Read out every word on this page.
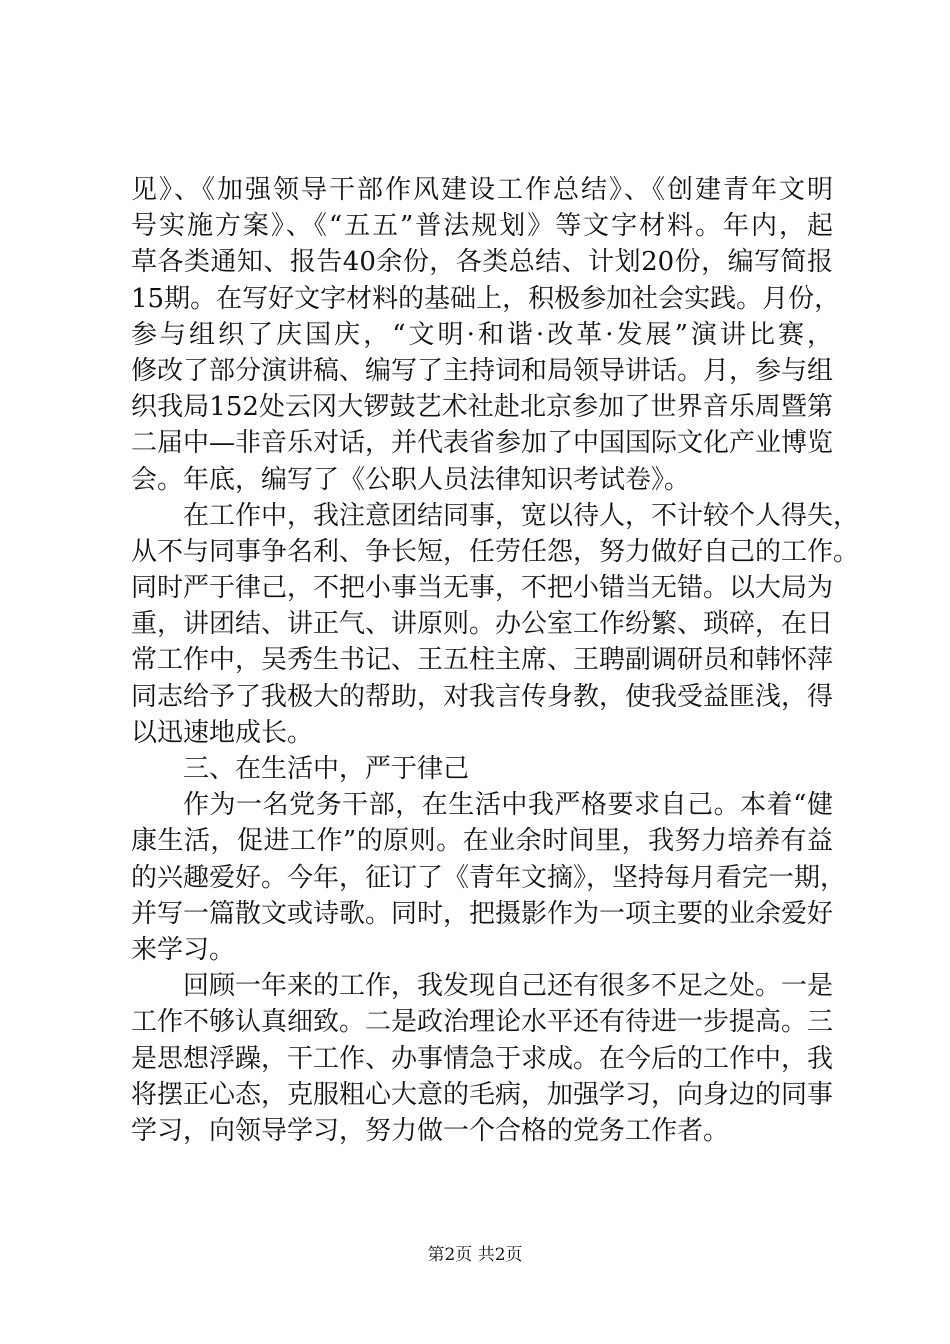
见》、《加强领导干部作风建设工作总结》、《创建青年文明
号实施方案》、《“五五”普法规划》等文字材料。年内，起
草各类通知、报告40余份，各类总结、计划20份，编写简报
15期。在写好文字材料的基础上，积极参加社会实践。月份，
参与组织了庆国庆，“文明·和谐·改革·发展”演讲比赛，
修改了部分演讲稿、编写了主持词和局领导讲话。月，参与组
织我局152处云冈大锣鼓艺术社赴北京参加了世界音乐周暨第
二届中—非音乐对话，并代表省参加了中国国际文化产业博览
会。年底，编写了《公职人员法律知识考试卷》。
在工作中，我注意团结同事，宽以待人，不计较个人得失，
从不与同事争名利、争长短，任劳任怨，努力做好自己的工作。
同时严于律己，不把小事当无事，不把小错当无错。以大局为
重，讲团结、讲正气、讲原则。办公室工作纷繁、琐碎，在日
常工作中，吴秀生书记、王五柱主席、王聘副调研员和韩怀萍
同志给予了我极大的帮助，对我言传身教，使我受益匪浅，得
以迅速地成长。
三、在生活中，严于律己
作为一名党务干部，在生活中我严格要求自己。本着“健
康生活，促进工作”的原则。在业余时间里，我努力培养有益
的兴趣爱好。今年，征订了《青年文摘》，坚持每月看完一期，
并写一篇散文或诗歌。同时，把摄影作为一项主要的业余爱好
来学习。
回顾一年来的工作，我发现自己还有很多不足之处。一是
工作不够认真细致。二是政治理论水平还有待进一步提高。三
是思想浮躁，干工作、办事情急于求成。在今后的工作中，我
将摆正心态，克服粗心大意的毛病，加强学习，向身边的同事
学习，向领导学习，努力做一个合格的党务工作者。
第2页 共2页
